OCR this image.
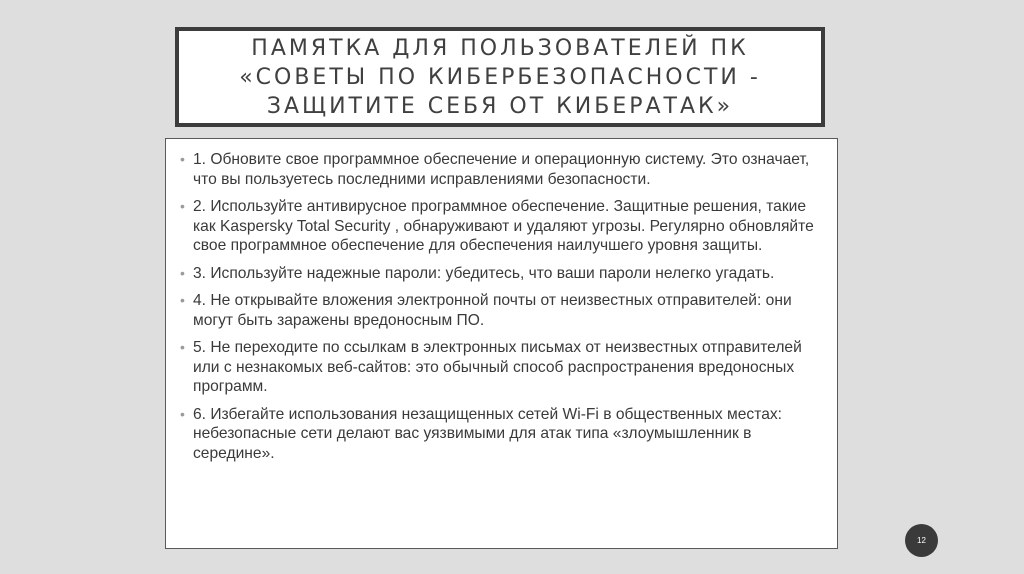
ПАМЯТКА ДЛЯ ПОЛЬЗОВАТЕЛЕЙ ПК
«СОВЕТЫ ПО КИБЕРБЕЗОПАСНОСТИ -
ЗАЩИТИТЕ СЕБЯ ОТ КИБЕРАТАК»
• 1. Обновите свое программное обеспечение и операционную систему. Это означает, что вы пользуетесь последними исправлениями безопасности.
• 2. Используйте антивирусное программное обеспечение. Защитные решения, такие как Kaspersky Total Security , обнаруживают и удаляют угрозы. Регулярно обновляйте свое программное обеспечение для обеспечения наилучшего уровня защиты.
• 3. Используйте надежные пароли: убедитесь, что ваши пароли нелегко угадать.
• 4. Не открывайте вложения электронной почты от неизвестных отправителей: они могут быть заражены вредоносным ПО.
• 5. Не переходите по ссылкам в электронных письмах от неизвестных отправителей или с незнакомых веб-сайтов: это обычный способ распространения вредоносных программ.
• 6. Избегайте использования незащищенных сетей Wi-Fi в общественных местах: небезопасные сети делают вас уязвимыми для атак типа «злоумышленник в середине».
12
